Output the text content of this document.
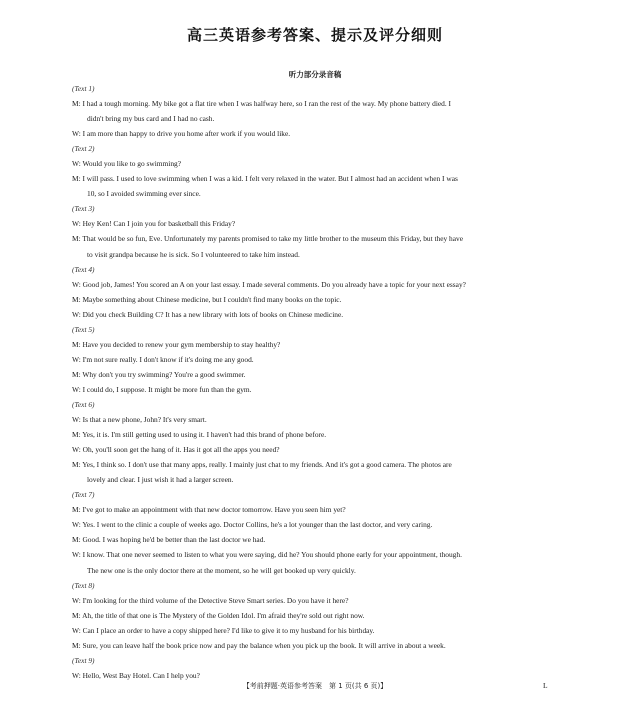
高三英语参考答案、提示及评分细则
听力部分录音稿
(Text 1)
M: I had a tough morning. My bike got a flat tire when I was halfway here, so I ran the rest of the way. My phone battery died. I
didn't bring my bus card and I had no cash.
W: I am more than happy to drive you home after work if you would like.
(Text 2)
W: Would you like to go swimming?
M: I will pass. I used to love swimming when I was a kid. I felt very relaxed in the water. But I almost had an accident when I was
10, so I avoided swimming ever since.
(Text 3)
W: Hey Ken! Can I join you for basketball this Friday?
M: That would be so fun, Eve. Unfortunately my parents promised to take my little brother to the museum this Friday, but they have
to visit grandpa because he is sick. So I volunteered to take him instead.
(Text 4)
W: Good job, James! You scored an A on your last essay. I made several comments. Do you already have a topic for your next essay?
M: Maybe something about Chinese medicine, but I couldn't find many books on the topic.
W: Did you check Building C? It has a new library with lots of books on Chinese medicine.
(Text 5)
M: Have you decided to renew your gym membership to stay healthy?
W: I'm not sure really. I don't know if it's doing me any good.
M: Why don't you try swimming? You're a good swimmer.
W: I could do, I suppose. It might be more fun than the gym.
(Text 6)
W: Is that a new phone, John? It's very smart.
M: Yes, it is. I'm still getting used to using it. I haven't had this brand of phone before.
W: Oh, you'll soon get the hang of it. Has it got all the apps you need?
M: Yes, I think so. I don't use that many apps, really. I mainly just chat to my friends. And it's got a good camera. The photos are
lovely and clear. I just wish it had a larger screen.
(Text 7)
M: I've got to make an appointment with that new doctor tomorrow. Have you seen him yet?
W: Yes. I went to the clinic a couple of weeks ago. Doctor Collins, he's a lot younger than the last doctor, and very caring.
M: Good. I was hoping he'd be better than the last doctor we had.
W: I know. That one never seemed to listen to what you were saying, did he? You should phone early for your appointment, though.
The new one is the only doctor there at the moment, so he will get booked up very quickly.
(Text 8)
W: I'm looking for the third volume of the Detective Steve Smart series. Do you have it here?
M: Ah, the title of that one is The Mystery of the Golden Idol. I'm afraid they're sold out right now.
W: Can I place an order to have a copy shipped here? I'd like to give it to my husband for his birthday.
M: Sure, you can leave half the book price now and pay the balance when you pick up the book. It will arrive in about a week.
(Text 9)
W: Hello, West Bay Hotel. Can I help you?
【考前押题·英语参考答案　第 1 页(共 6 页)】	L
